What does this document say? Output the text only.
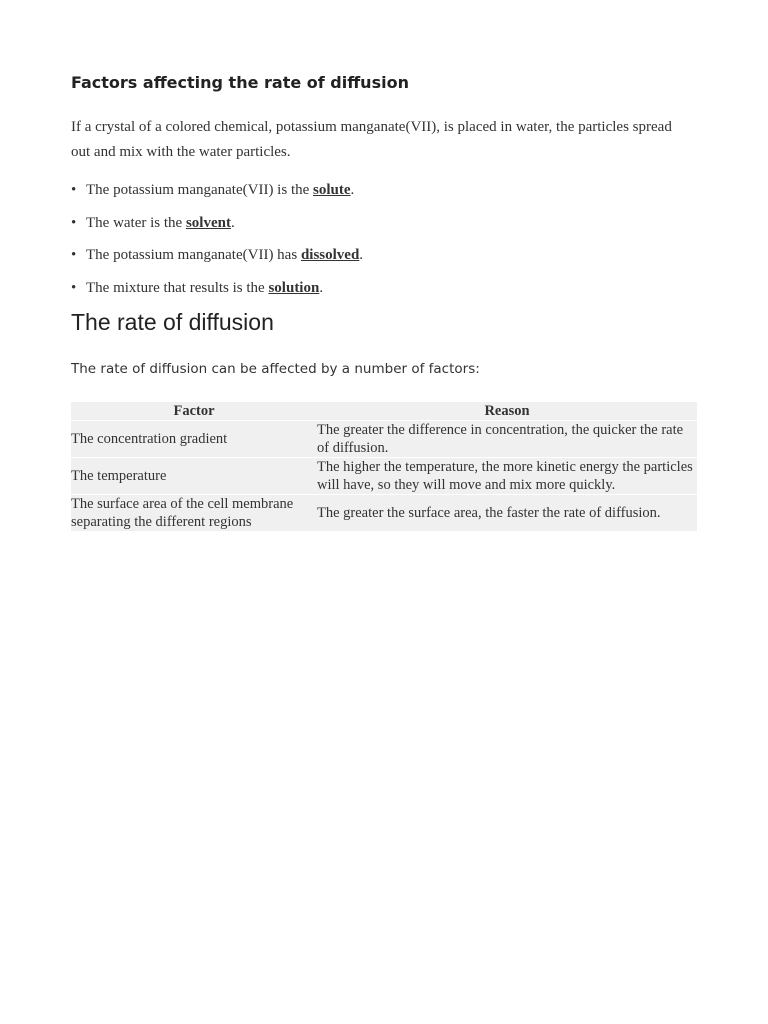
Factors affecting the rate of diffusion

If a crystal of a colored chemical, potassium manganate(VII), is placed in water, the particles spread out and mix with the water particles.

• The potassium manganate(VII) is the solute.
• The water is the solvent.
• The potassium manganate(VII) has dissolved.
• The mixture that results is the solution.
The rate of diffusion

The rate of diffusion can be affected by a number of factors:

Factor	Reason
The concentration gradient	The greater the difference in concentration, the quicker the rate of diffusion.
The temperature	The higher the temperature, the more kinetic energy the particles will have, so they will move and mix more quickly.
The surface area of the cell membrane separating the different regions	The greater the surface area, the faster the rate of diffusion.
